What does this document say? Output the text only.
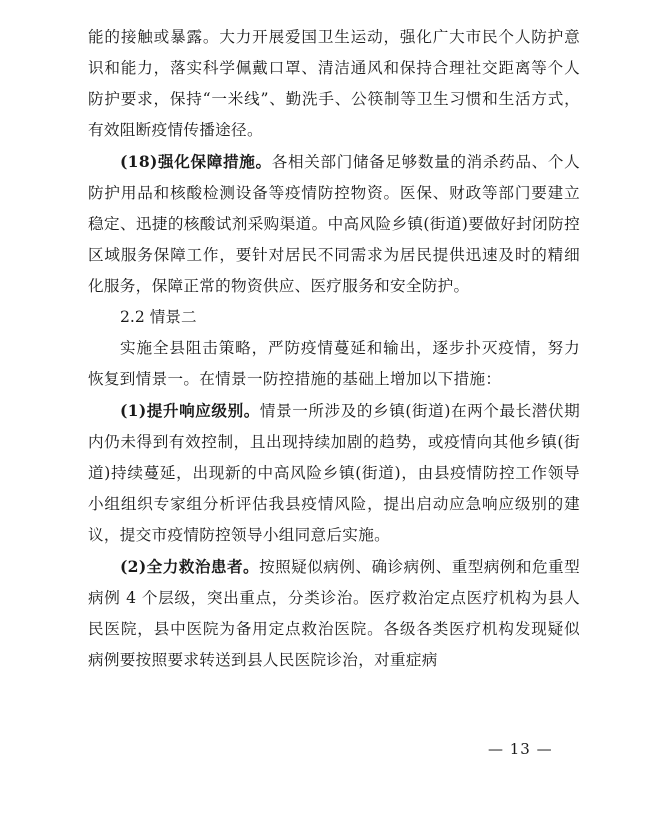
能的接触或暴露。大力开展爱国卫生运动，强化广大市民个人防护意识和能力，落实科学佩戴口罩、清洁通风和保持合理社交距离等个人防护要求，保持“一米线”、勤洗手、公筷制等卫生习惯和生活方式，有效阻断疫情传播途径。

(18)强化保障措施。各相关部门储备足够数量的消杀药品、个人防护用品和核酸检测设备等疫情防控物资。医保、财政等部门要建立稳定、迅捷的核酸试剂采购渠道。中高风险乡镇(街道)要做好封闭防控区域服务保障工作，要针对居民不同需求为居民提供迅速及时的精细化服务，保障正常的物资供应、医疗服务和安全防护。

2.2 情景二

实施全县阻击策略，严防疫情蔓延和输出，逐步扑灭疫情，努力恢复到情景一。在情景一防控措施的基础上增加以下措施：

(1)提升响应级别。情景一所涉及的乡镇(街道)在两个最长潜伏期内仍未得到有效控制，且出现持续加剧的趋势，或疫情向其他乡镇(街道)持续蔓延，出现新的中高风险乡镇(街道)，由县疫情防控工作领导小组组织专家组分析评估我县疫情风险，提出启动应急响应级别的建议，提交市疫情防控领导小组同意后实施。

(2)全力救治患者。按照疑似病例、确诊病例、重型病例和危重型病例 4 个层级，突出重点，分类诊治。医疗救治定点医疗机构为县人民医院，县中医院为备用定点救治医院。各级各类医疗机构发现疑似病例要按照要求转送到县人民医院诊治，对重症病

— 13 —
